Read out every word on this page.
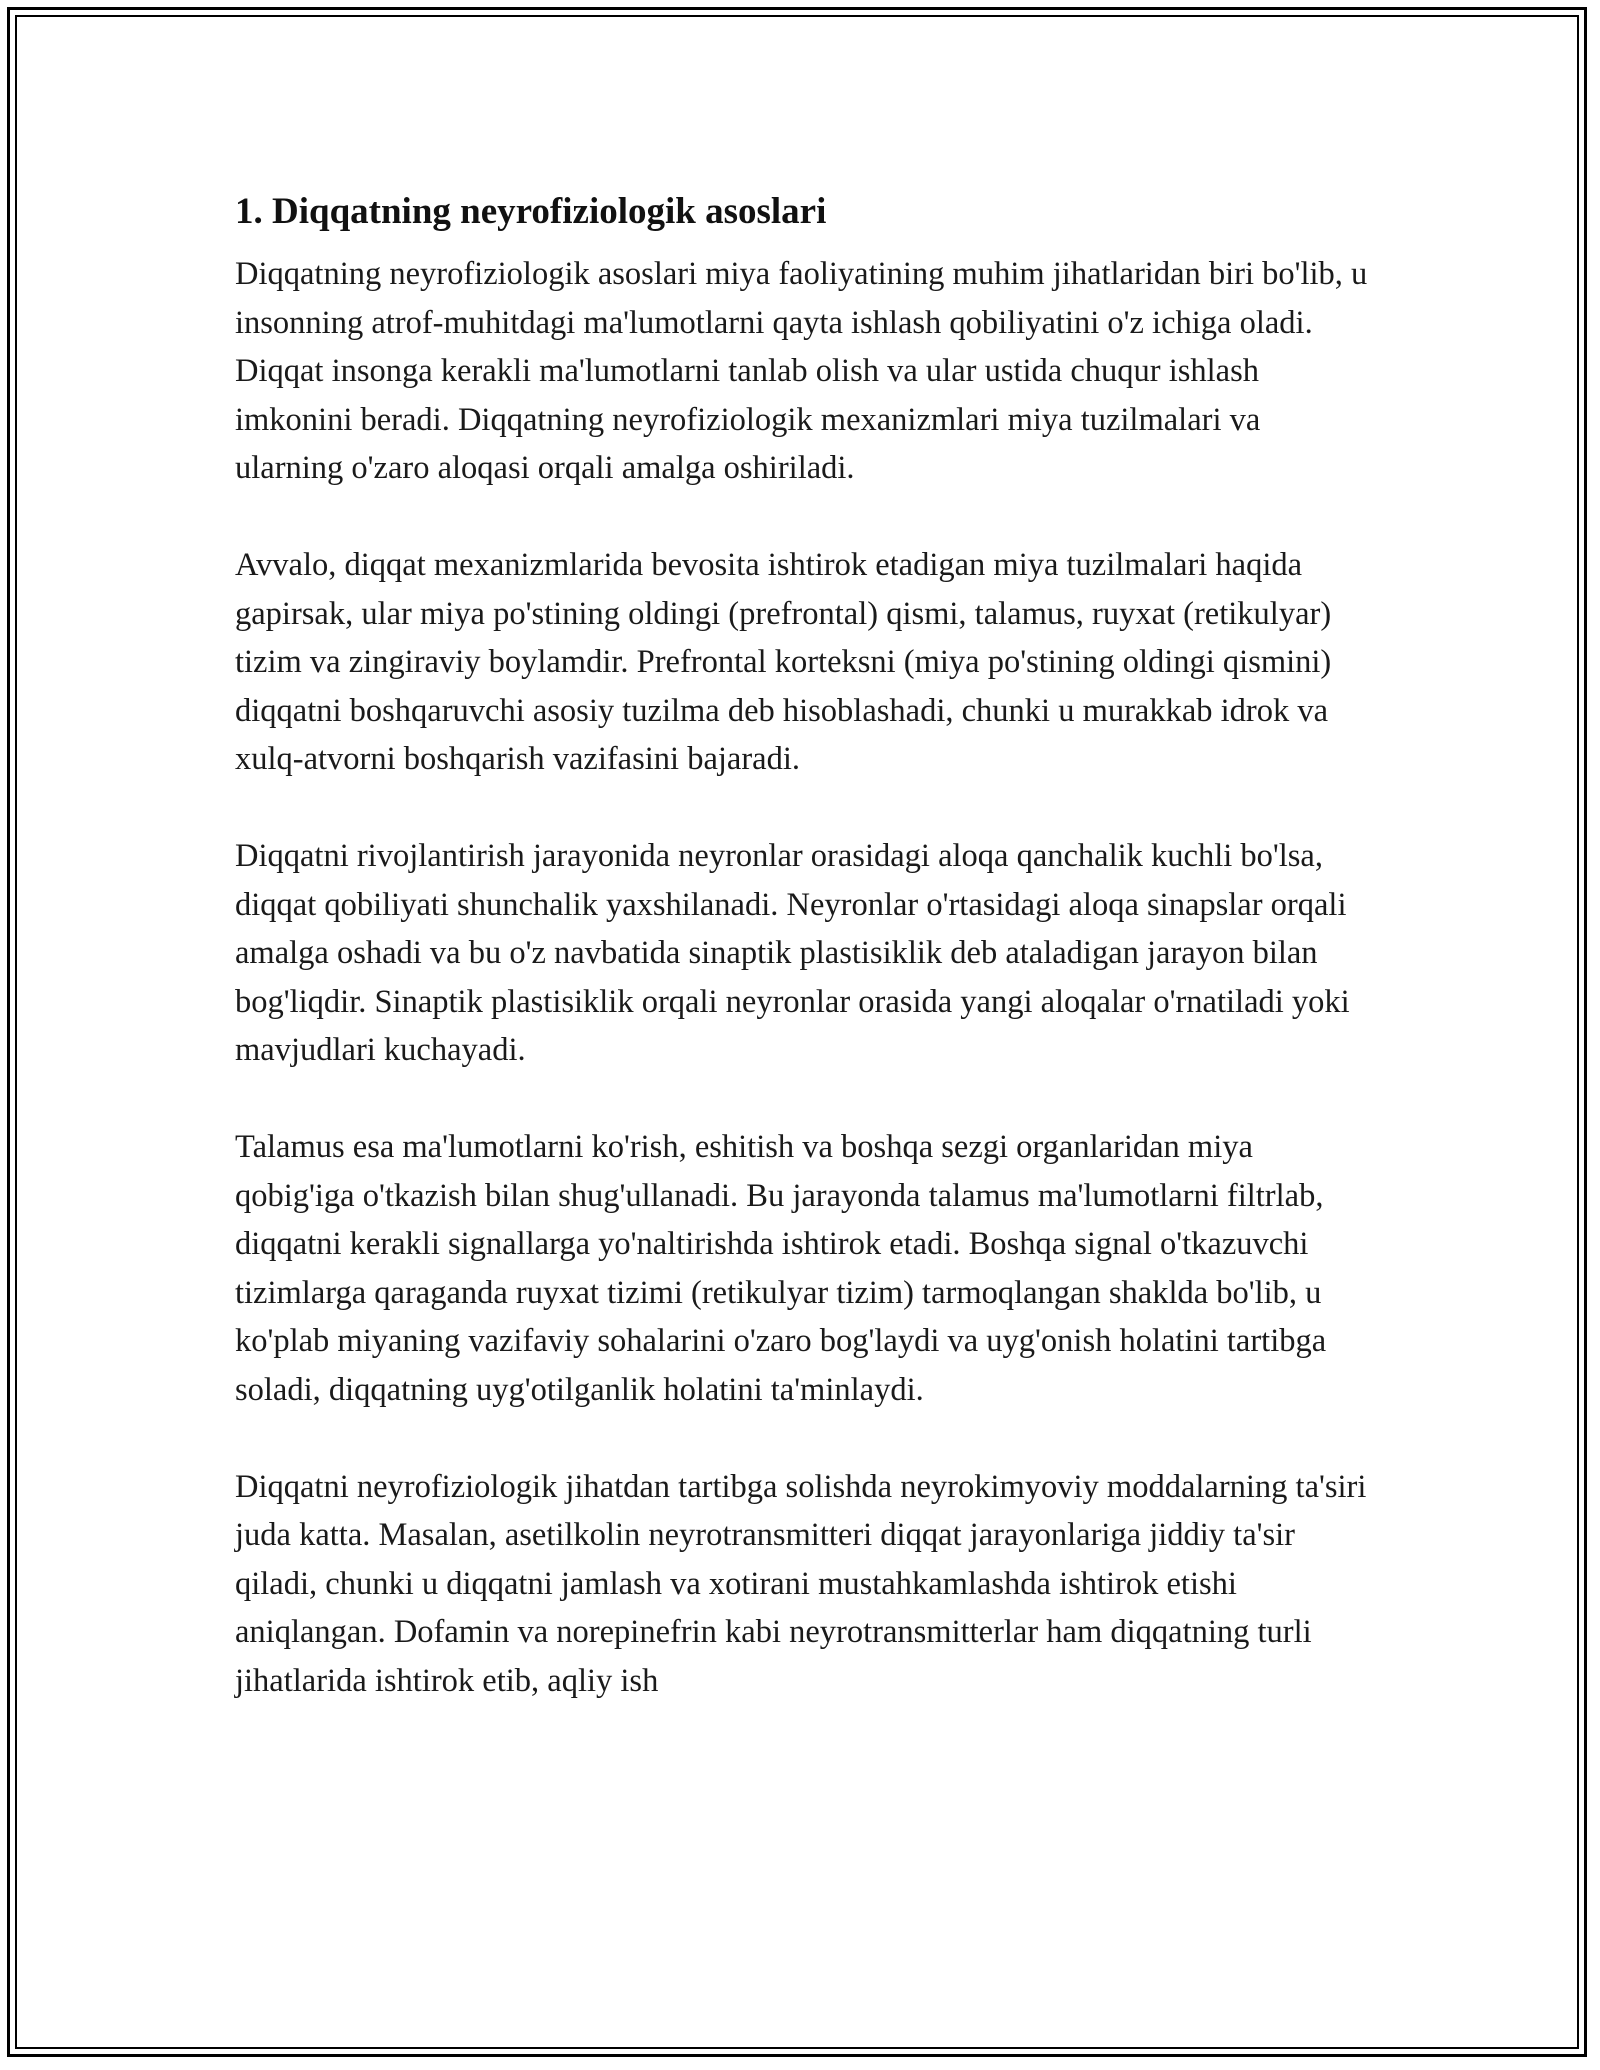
1. Diqqatning neyrofiziologik asoslari

Diqqatning neyrofiziologik asoslari miya faoliyatining muhim jihatlaridan biri bo'lib, u insonning atrof-muhitdagi ma'lumotlarni qayta ishlash qobiliyatini o'z ichiga oladi. Diqqat insonga kerakli ma'lumotlarni tanlab olish va ular ustida chuqur ishlash imkonini beradi. Diqqatning neyrofiziologik mexanizmlari miya tuzilmalari va ularning o'zaro aloqasi orqali amalga oshiriladi.

Avvalo, diqqat mexanizmlarida bevosita ishtirok etadigan miya tuzilmalari haqida gapirsak, ular miya po'stining oldingi (prefrontal) qismi, talamus, ruyxat (retikulyar) tizim va zingiraviy boylamdir. Prefrontal korteksni (miya po'stining oldingi qismini) diqqatni boshqaruvchi asosiy tuzilma deb hisoblashadi, chunki u murakkab idrok va xulq-atvorni boshqarish vazifasini bajaradi.

Diqqatni rivojlantirish jarayonida neyronlar orasidagi aloqa qanchalik kuchli bo'lsa, diqqat qobiliyati shunchalik yaxshilanadi. Neyronlar o'rtasidagi aloqa sinapslar orqali amalga oshadi va bu o'z navbatida sinaptik plastisiklik deb ataladigan jarayon bilan bog'liqdir. Sinaptik plastisiklik orqali neyronlar orasida yangi aloqalar o'rnatiladi yoki mavjudlari kuchayadi.

Talamus esa ma'lumotlarni ko'rish, eshitish va boshqa sezgi organlaridan miya qobig'iga o'tkazish bilan shug'ullanadi. Bu jarayonda talamus ma'lumotlarni filtrlab, diqqatni kerakli signallarga yo'naltirishda ishtirok etadi. Boshqa signal o'tkazuvchi tizimlarga qaraganda ruyxat tizimi (retikulyar tizim) tarmoqlangan shaklda bo'lib, u ko'plab miyaning vazifaviy sohalarini o'zaro bog'laydi va uyg'onish holatini tartibga soladi, diqqatning uyg'otilganlik holatini ta'minlaydi.

Diqqatni neyrofiziologik jihatdan tartibga solishda neyrokimyoviy moddalarning ta'siri juda katta. Masalan, asetilkolin neyrotransmitteri diqqat jarayonlariga jiddiy ta'sir qiladi, chunki u diqqatni jamlash va xotirani mustahkamlashda ishtirok etishi aniqlangan. Dofamin va norepinefrin kabi neyrotransmitterlar ham diqqatning turli jihatlarida ishtirok etib, aqliy ish
